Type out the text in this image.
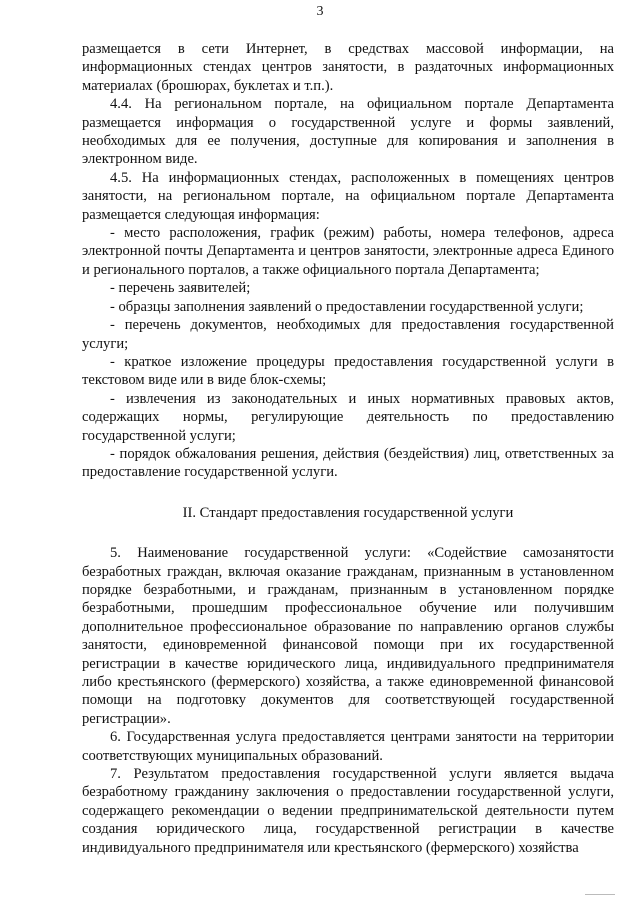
3

размещается в сети Интернет, в средствах массовой информации, на информационных стендах центров занятости, в раздаточных информационных материалах (брошюрах, буклетах и т.п.).

4.4. На региональном портале, на официальном портале Департамента размещается информация о государственной услуге и формы заявлений, необходимых для ее получения, доступные для копирования и заполнения в электронном виде.

4.5. На информационных стендах, расположенных в помещениях центров занятости, на региональном портале, на официальном портале Департамента размещается следующая информация:

- место расположения, график (режим) работы, номера телефонов, адреса электронной почты Департамента и центров занятости, электронные адреса Единого и регионального порталов, а также официального портала Департамента;

- перечень заявителей;

- образцы заполнения заявлений о предоставлении государственной услуги;

- перечень документов, необходимых для предоставления государственной услуги;

- краткое изложение процедуры предоставления государственной услуги в текстовом виде или в виде блок-схемы;

- извлечения из законодательных и иных нормативных правовых актов, содержащих нормы, регулирующие деятельность по предоставлению государственной услуги;

- порядок обжалования решения, действия (бездействия) лиц, ответственных за предоставление государственной услуги.

II. Стандарт предоставления государственной услуги

5. Наименование государственной услуги: «Содействие самозанятости безработных граждан, включая оказание гражданам, признанным в установленном порядке безработными, и гражданам, признанным в установленном порядке безработными, прошедшим профессиональное обучение или получившим дополнительное профессиональное образование по направлению органов службы занятости, единовременной финансовой помощи при их государственной регистрации в качестве юридического лица, индивидуального предпринимателя либо крестьянского (фермерского) хозяйства, а также единовременной финансовой помощи на подготовку документов для соответствующей государственной регистрации».

6. Государственная услуга предоставляется центрами занятости на территории соответствующих муниципальных образований.

7. Результатом предоставления государственной услуги является выдача безработному гражданину заключения о предоставлении государственной услуги, содержащего рекомендации о ведении предпринимательской деятельности путем создания юридического лица, государственной регистрации в качестве индивидуального предпринимателя или крестьянского (фермерского) хозяйства
